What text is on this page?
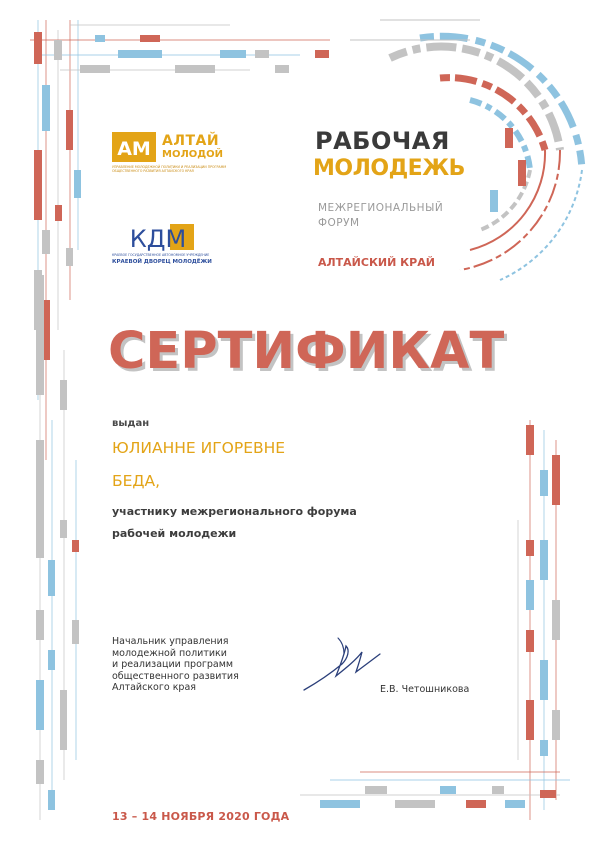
АМ АЛТАЙ
МОЛОДОЙ
УПРАВЛЕНИЕ МОЛОДЕЖНОЙ ПОЛИТИКИ И РЕАЛИЗАЦИИ ПРОГРАММ ОБЩЕСТВЕННОГО РАЗВИТИЯ АЛТАЙСКОГО КРАЯ
КДМ
КРАЕВОЕ ГОСУДАРСТВЕННОЕ АВТОНОМНОЕ УЧРЕЖДЕНИЕ
КРАЕВОЙ ДВОРЕЦ МОЛОДЁЖИ
РАБОЧАЯ
МОЛОДЕЖЬ
МЕЖРЕГИОНАЛЬНЫЙ
ФОРУМ
АЛТАЙСКИЙ КРАЙ
СЕРТИФИКАТ
выдан
ЮЛИАННЕ ИГОРЕВНЕ
БЕДА,
участнику межрегионального форума
рабочей молодежи
Начальник управления
молодежной политики
и реализации программ
общественного развития
Алтайского края	Е.В. Четошникова
13 – 14 НОЯБРЯ 2020 ГОДА
